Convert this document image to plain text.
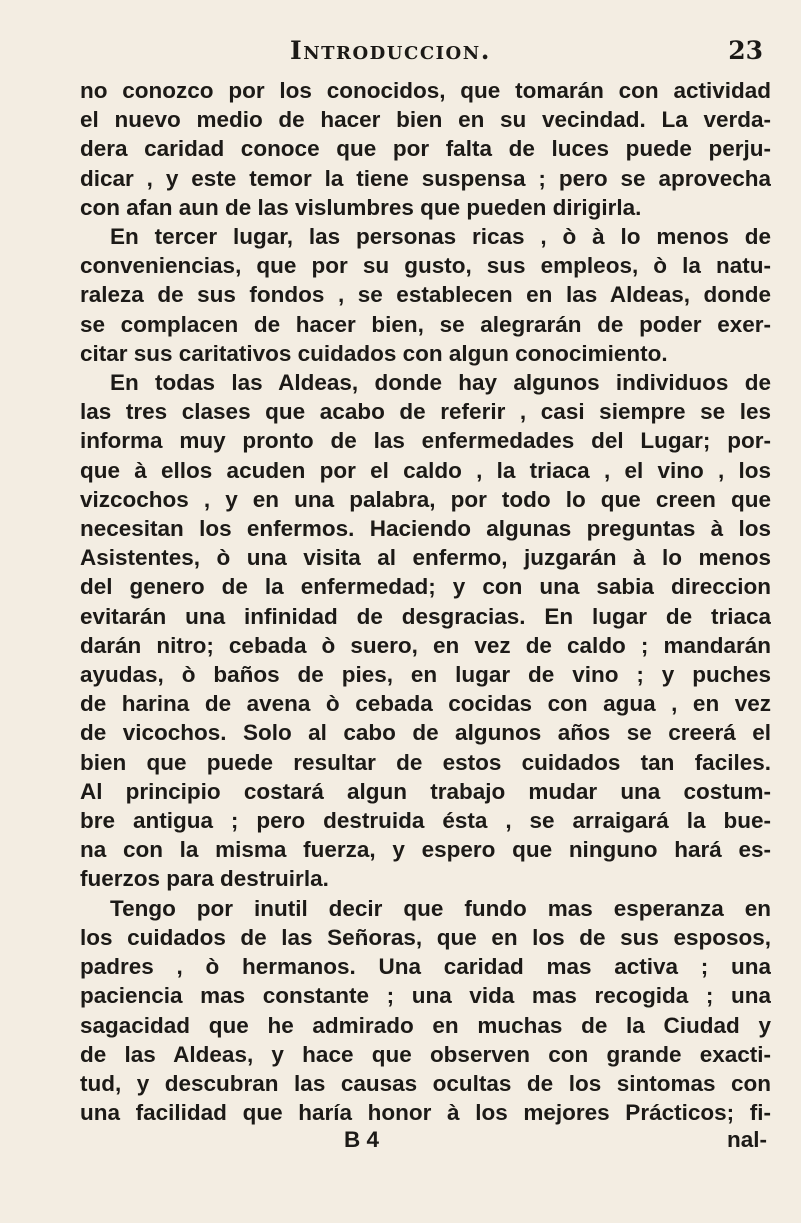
Introduccion.	23
no conozco por los conocidos, que tomarán con actividad
el nuevo medio de hacer bien en su vecindad. La verda-
dera caridad conoce que por falta de luces puede perju-
dicar , y este temor la tiene suspensa ; pero se aprovecha
con afan aun de las vislumbres que pueden dirigirla.
En tercer lugar, las personas ricas , ò à lo menos de
conveniencias, que por su gusto, sus empleos, ò la natu-
raleza de sus fondos , se establecen en las Aldeas, donde
se complacen de hacer bien, se alegrarán de poder exer-
citar sus caritativos cuidados con algun conocimiento.
En todas las Aldeas, donde hay algunos individuos de
las tres clases que acabo de referir , casi siempre se les
informa muy pronto de las enfermedades del Lugar; por-
que à ellos acuden por el caldo , la triaca , el vino , los
vizcochos , y en una palabra, por todo lo que creen que
necesitan los enfermos. Haciendo algunas preguntas à los
Asistentes, ò una visita al enfermo, juzgarán à lo menos
del genero de la enfermedad; y con una sabia direccion
evitarán una infinidad de desgracias. En lugar de triaca
darán nitro; cebada ò suero, en vez de caldo ; mandarán
ayudas, ò baños de pies, en lugar de vino ; y puches
de harina de avena ò cebada cocidas con agua , en vez
de vicochos. Solo al cabo de algunos años se creerá el
bien que puede resultar de estos cuidados tan faciles.
Al principio costará algun trabajo mudar una costum-
bre antigua ; pero destruida ésta , se arraigará la bue-
na con la misma fuerza, y espero que ninguno hará es-
fuerzos para destruirla.
Tengo por inutil decir que fundo mas esperanza en
los cuidados de las Señoras, que en los de sus esposos,
padres , ò hermanos. Una caridad mas activa ; una
paciencia mas constante ; una vida mas recogida ; una
sagacidad que he admirado en muchas de la Ciudad y
de las Aldeas, y hace que observen con grande exacti-
tud, y descubran las causas ocultas de los sintomas con
una facilidad que haría honor à los mejores Prácticos; fi-
B 4	nal-
